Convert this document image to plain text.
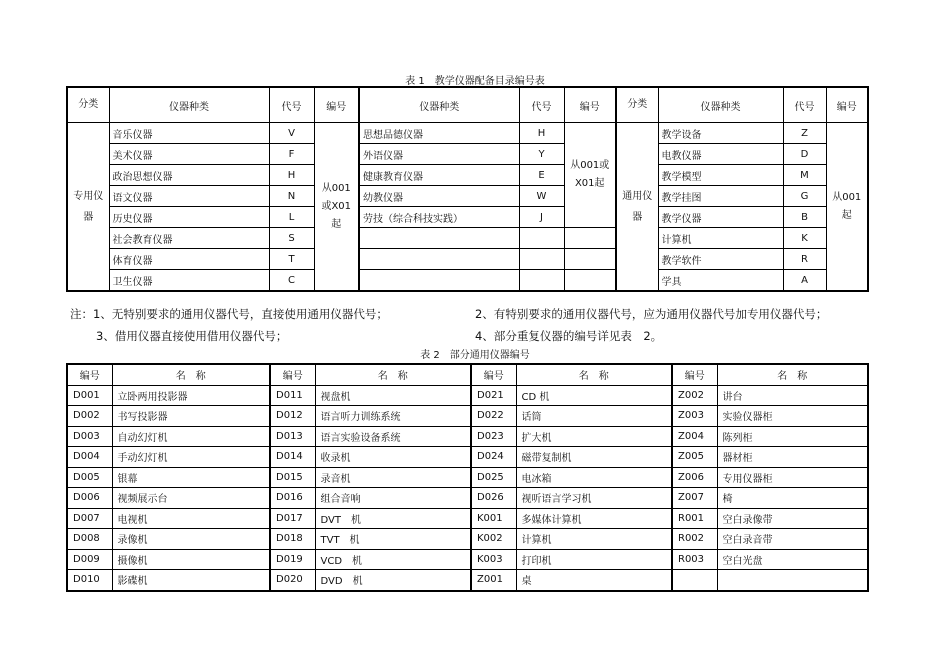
表 1　教学仪器配备目录编号表
分类	仪器种类	代号	编号	仪器种类	代号	编号	分类	仪器种类	代号	编号
专用仪器	音乐仪器	V	从001或X01起	思想品德仪器	H	从001或X01起	通用仪器	教学设备	Z	从001起
	美术仪器	F		外语仪器	Y			电教仪器	D	
	政治思想仪器	H		健康教育仪器	E			教学模型	M	
	语文仪器	N		幼教仪器	W			教学挂图	G	
	历史仪器	L		劳技（综合科技实践）	J			教学仪器	B	
	社会教育仪器	S						计算机	K	
	体育仪器	T						教学软件	R	
	卫生仪器	C						学具	A	
注：1、无特别要求的通用仪器代号，直接使用通用仪器代号；	2、有特别要求的通用仪器代号，应为通用仪器代号加专用仪器代号；
3、借用仪器直接使用借用仪器代号；	4、部分重复仪器的编号详见表　2。
表 2　部分通用仪器编号
编号	名　称	编号	名　称	编号	名　称	编号	名　称
D001	立卧两用投影器	D011	视盘机	D021	CD 机	Z002	讲台
D002	书写投影器	D012	语言听力训练系统	D022	话筒	Z003	实验仪器柜
D003	自动幻灯机	D013	语言实验设备系统	D023	扩大机	Z004	陈列柜
D004	手动幻灯机	D014	收录机	D024	磁带复制机	Z005	器材柜
D005	银幕	D015	录音机	D025	电冰箱	Z006	专用仪器柜
D006	视频展示台	D016	组合音响	D026	视听语言学习机	Z007	椅
D007	电视机	D017	DVT　机	K001	多媒体计算机	R001	空白录像带
D008	录像机	D018	TVT　机	K002	计算机	R002	空白录音带
D009	摄像机	D019	VCD　机	K003	打印机	R003	空白光盘
D010	影碟机	D020	DVD　机	Z001	桌		
